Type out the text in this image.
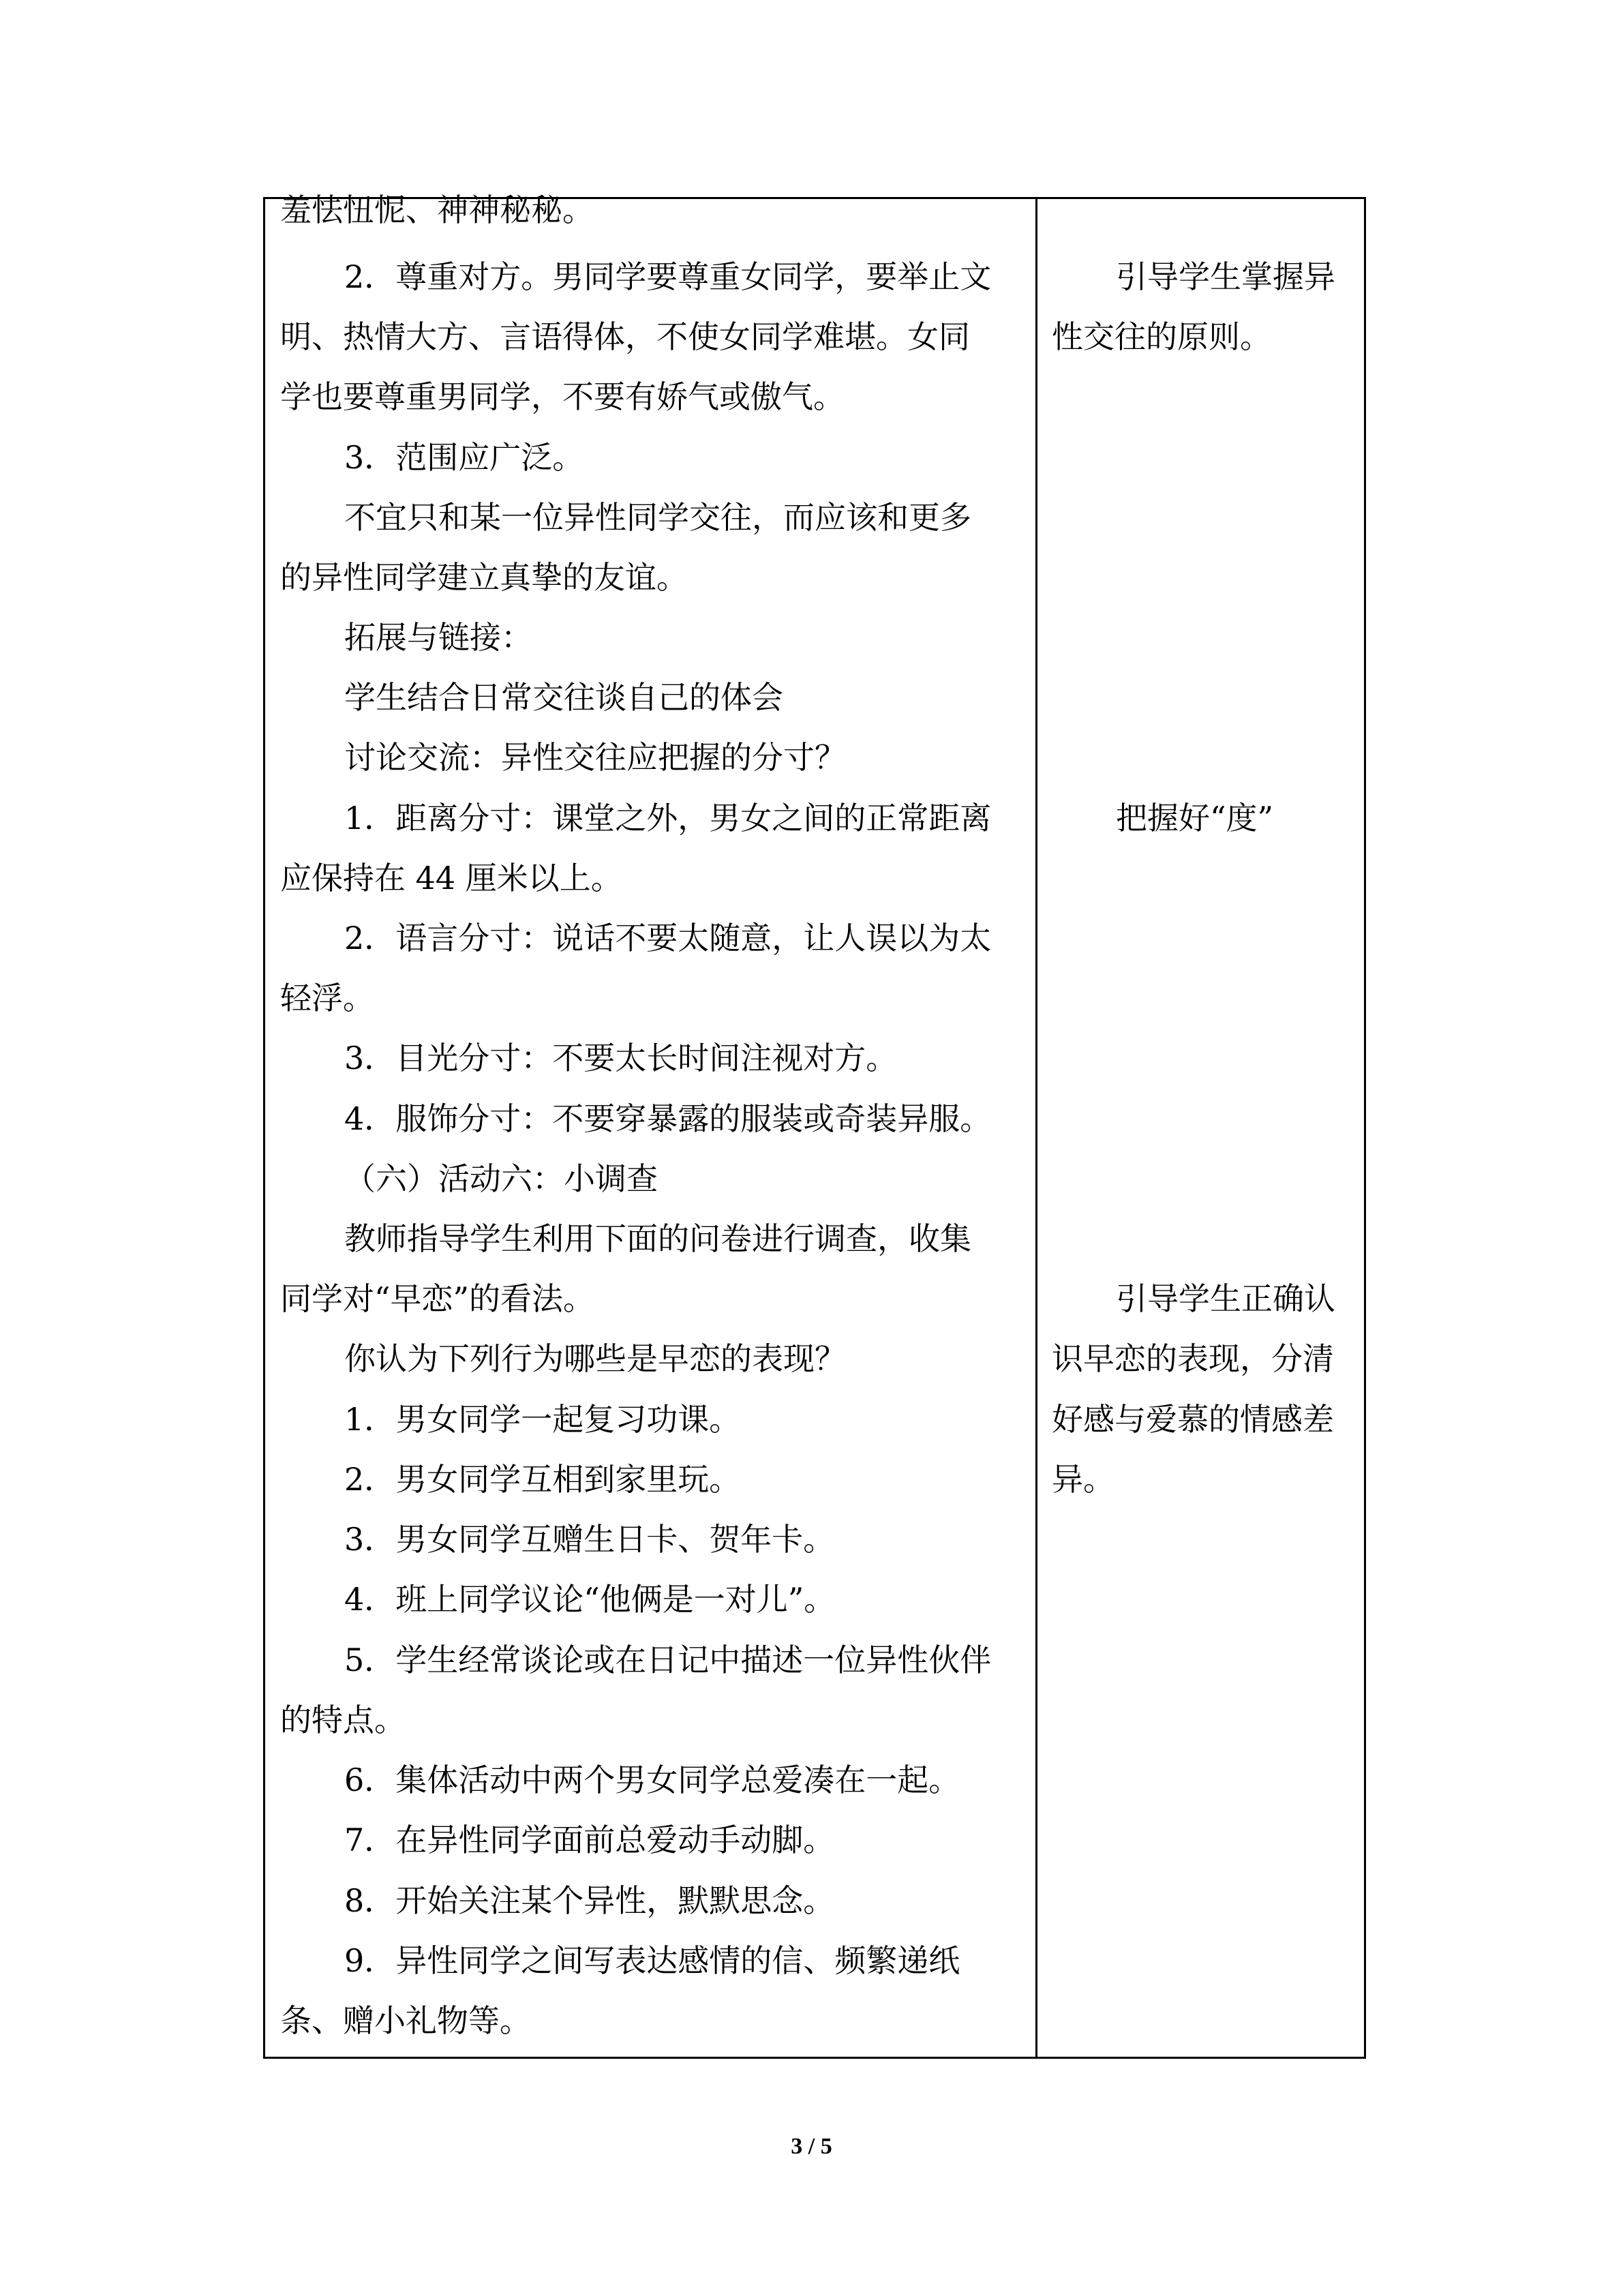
羞怯忸怩、神神秘秘。
2．尊重对方。男同学要尊重女同学，要举止文
明、热情大方、言语得体，不使女同学难堪。女同
学也要尊重男同学，不要有娇气或傲气。
3．范围应广泛。
不宜只和某一位异性同学交往，而应该和更多
的异性同学建立真挚的友谊。
拓展与链接：
学生结合日常交往谈自己的体会
讨论交流：异性交往应把握的分寸？
1．距离分寸：课堂之外，男女之间的正常距离
应保持在 44 厘米以上。
2．语言分寸：说话不要太随意，让人误以为太
轻浮。
3．目光分寸：不要太长时间注视对方。
4．服饰分寸：不要穿暴露的服装或奇装异服。
（六）活动六：小调查
教师指导学生利用下面的问卷进行调查，收集
同学对“早恋”的看法。
你认为下列行为哪些是早恋的表现？
1．男女同学一起复习功课。
2．男女同学互相到家里玩。
3．男女同学互赠生日卡、贺年卡。
4．班上同学议论“他俩是一对儿”。
5．学生经常谈论或在日记中描述一位异性伙伴
的特点。
6．集体活动中两个男女同学总爱凑在一起。
7．在异性同学面前总爱动手动脚。
8．开始关注某个异性，默默思念。
9．异性同学之间写表达感情的信、频繁递纸
条、赠小礼物等。
引导学生掌握异
性交往的原则。
把握好“度”
引导学生正确认
识早恋的表现，分清
好感与爱慕的情感差
异。
3 / 5
